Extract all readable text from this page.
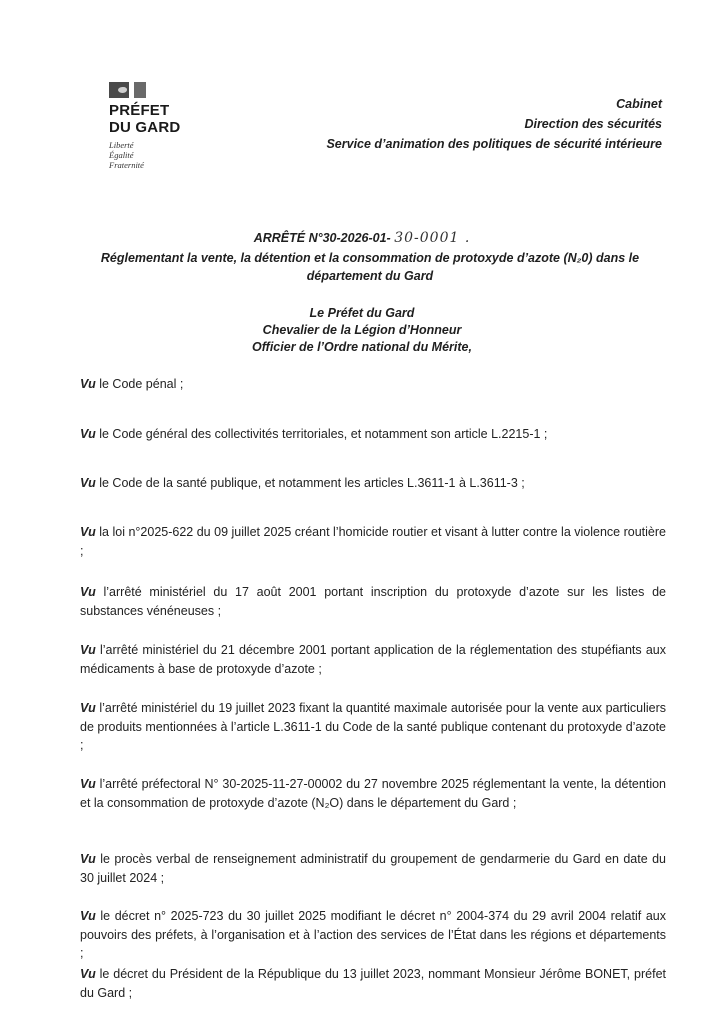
PRÉFET
DU GARD
Liberté
Égalité
Fraternité
Cabinet
Direction des sécurités
Service d’animation des politiques de sécurité intérieure
ARRÊTÉ N°30-2026-01- 30-0001 .
Réglementant la vente, la détention et la consommation de protoxyde d’azote (N₂0) dans le département du Gard
Le Préfet du Gard
Chevalier de la Légion d’Honneur
Officier de l’Ordre national du Mérite,
Vu le Code pénal ;
Vu le Code général des collectivités territoriales, et notamment son article L.2215-1 ;
Vu le Code de la santé publique, et notamment les articles L.3611-1 à L.3611-3 ;
Vu la loi n°2025-622 du 09 juillet 2025 créant l’homicide routier et visant à lutter contre la violence routière ;
Vu l’arrêté ministériel du 17 août 2001 portant inscription du protoxyde d’azote sur les listes de substances vénéneuses ;
Vu l’arrêté ministériel du 21 décembre 2001 portant application de la réglementation des stupéfiants aux médicaments à base de protoxyde d’azote ;
Vu l’arrêté ministériel du 19 juillet 2023 fixant la quantité maximale autorisée pour la vente aux particuliers de produits mentionnées à l’article L.3611-1 du Code de la santé publique contenant du protoxyde d’azote ;
Vu l’arrêté préfectoral N° 30-2025-11-27-00002 du 27 novembre 2025 réglementant la vente, la détention et la consommation de protoxyde d’azote (N₂O) dans le département du Gard ;
Vu le procès verbal de renseignement administratif du groupement de gendarmerie du Gard en date du 30 juillet 2024 ;
Vu le décret n° 2025-723 du 30 juillet 2025 modifiant le décret n° 2004-374 du 29 avril 2004 relatif aux pouvoirs des préfets, à l’organisation et à l’action des services de l’État dans les régions et départements ;
Vu le décret du Président de la République du 13 juillet 2023, nommant Monsieur Jérôme BONET, préfet du Gard ;
